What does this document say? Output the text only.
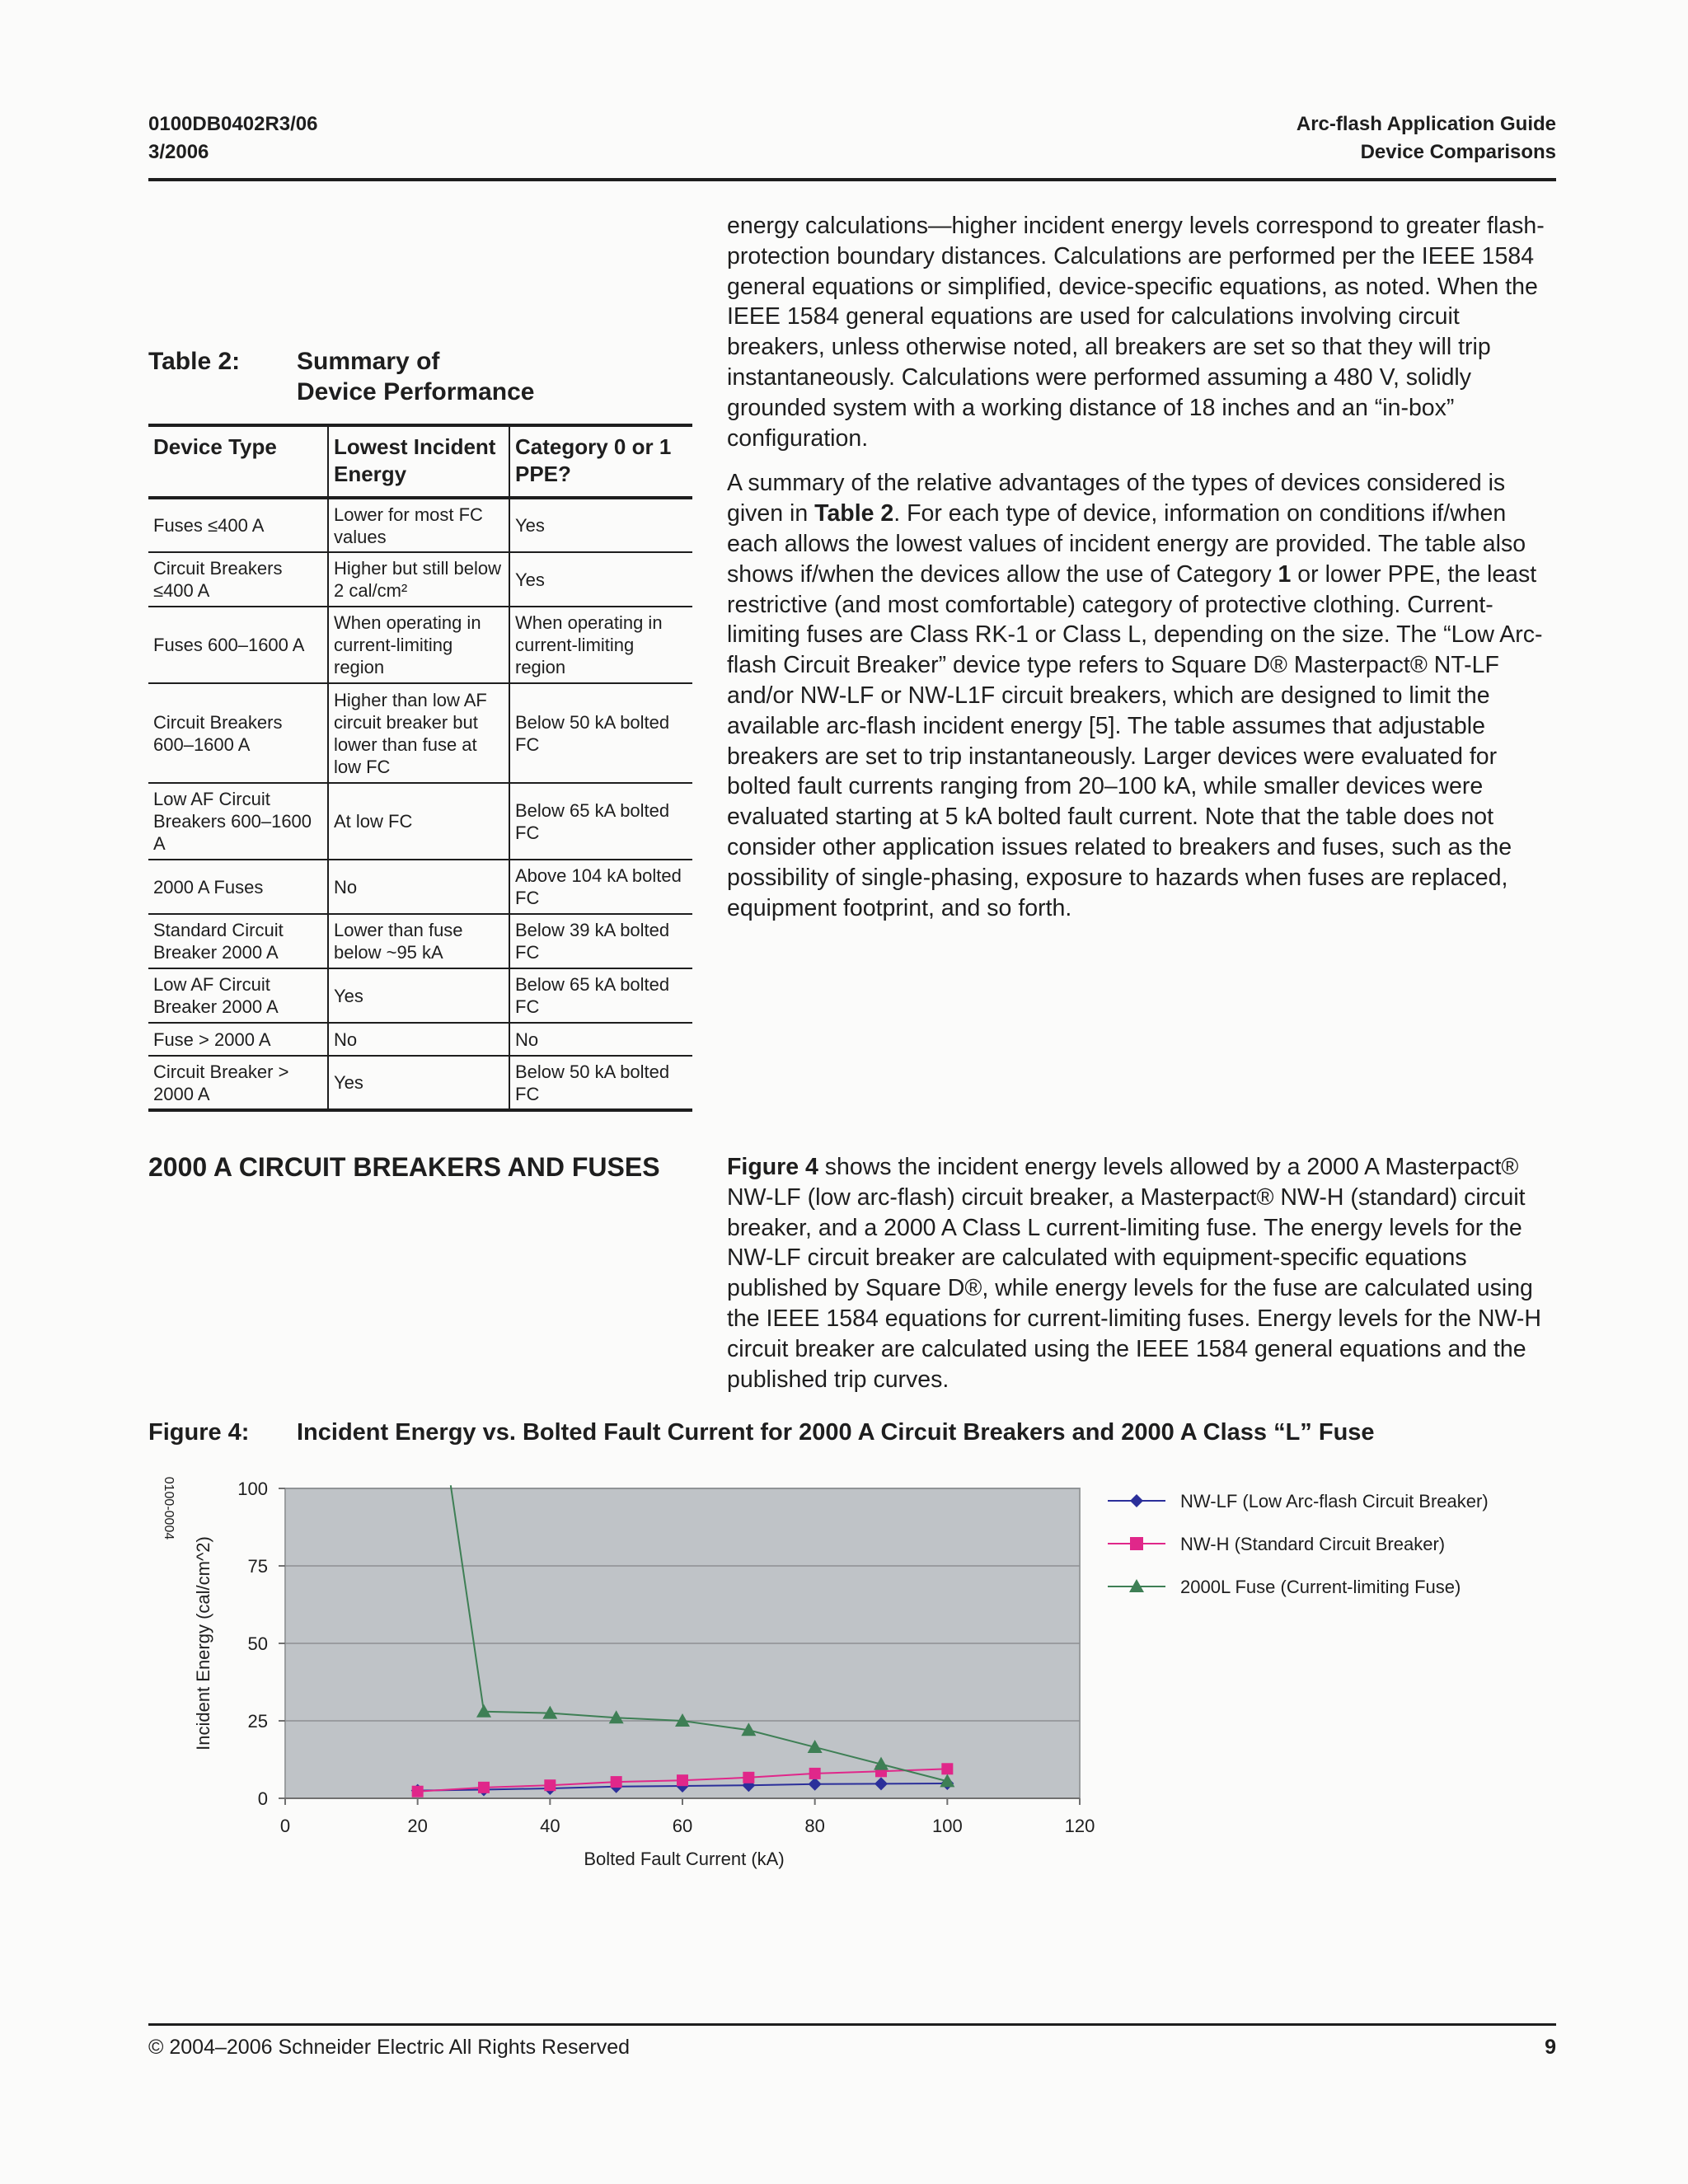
0100DB0402R3/06
3/2006
Arc-flash Application Guide
Device Comparisons
Table 2: Summary of
Device Performance
Device Type	Lowest Incident Energy	Category 0 or 1 PPE?
Fuses ≤400 A	Lower for most FC values	Yes
Circuit Breakers ≤400 A	Higher but still below 2 cal/cm²	Yes
Fuses 600–1600 A	When operating in current-limiting region	When operating in current-limiting region
Circuit Breakers 600–1600 A	Higher than low AF circuit breaker but lower than fuse at low FC	Below 50 kA bolted FC
Low AF Circuit Breakers 600–1600 A	At low FC	Below 65 kA bolted FC
2000 A Fuses	No	Above 104 kA bolted FC
Standard Circuit Breaker 2000 A	Lower than fuse below ~95 kA	Below 39 kA bolted FC
Low AF Circuit Breaker 2000 A	Yes	Below 65 kA bolted FC
Fuse > 2000 A	No	No
Circuit Breaker > 2000 A	Yes	Below 50 kA bolted FC

energy calculations—higher incident energy levels correspond to greater flash-protection boundary distances. Calculations are performed per the IEEE 1584 general equations or simplified, device-specific equations, as noted. When the IEEE 1584 general equations are used for calculations involving circuit breakers, unless otherwise noted, all breakers are set so that they will trip instantaneously. Calculations were performed assuming a 480 V, solidly grounded system with a working distance of 18 inches and an “in-box” configuration.

A summary of the relative advantages of the types of devices considered is given in Table 2. For each type of device, information on conditions if/when each allows the lowest values of incident energy are provided. The table also shows if/when the devices allow the use of Category 1 or lower PPE, the least restrictive (and most comfortable) category of protective clothing. Current-limiting fuses are Class RK-1 or Class L, depending on the size. The “Low Arc-flash Circuit Breaker” device type refers to Square D® Masterpact® NT-LF and/or NW-LF or NW-L1F circuit breakers, which are designed to limit the available arc-flash incident energy [5]. The table assumes that adjustable breakers are set to trip instantaneously. Larger devices were evaluated for bolted fault currents ranging from 20–100 kA, while smaller devices were evaluated starting at 5 kA bolted fault current. Note that the table does not consider other application issues related to breakers and fuses, such as the possibility of single-phasing, exposure to hazards when fuses are replaced, equipment footprint, and so forth.

2000 A CIRCUIT BREAKERS AND FUSES	Figure 4 shows the incident energy levels allowed by a 2000 A Masterpact® NW-LF (low arc-flash) circuit breaker, a Masterpact® NW-H (standard) circuit breaker, and a 2000 A Class L current-limiting fuse. The energy levels for the NW-LF circuit breaker are calculated with equipment-specific equations published by Square D®, while energy levels for the fuse are calculated using the IEEE 1584 equations for current-limiting fuses. Energy levels for the NW-H circuit breaker are calculated using the IEEE 1584 general equations and the published trip curves.

Figure 4: Incident Energy vs. Bolted Fault Current for 2000 A Circuit Breakers and 2000 A Class “L” Fuse
0
25
50
75
100
0	20	40	60	80	100	120
Incident Energy (cal/cm^2)
0100-0004
Bolted Fault Current (kA)
NW-LF (Low Arc-flash Circuit Breaker)
NW-H (Standard Circuit Breaker)
2000L Fuse (Current-limiting Fuse)
© 2004–2006 Schneider Electric All Rights Reserved	9
